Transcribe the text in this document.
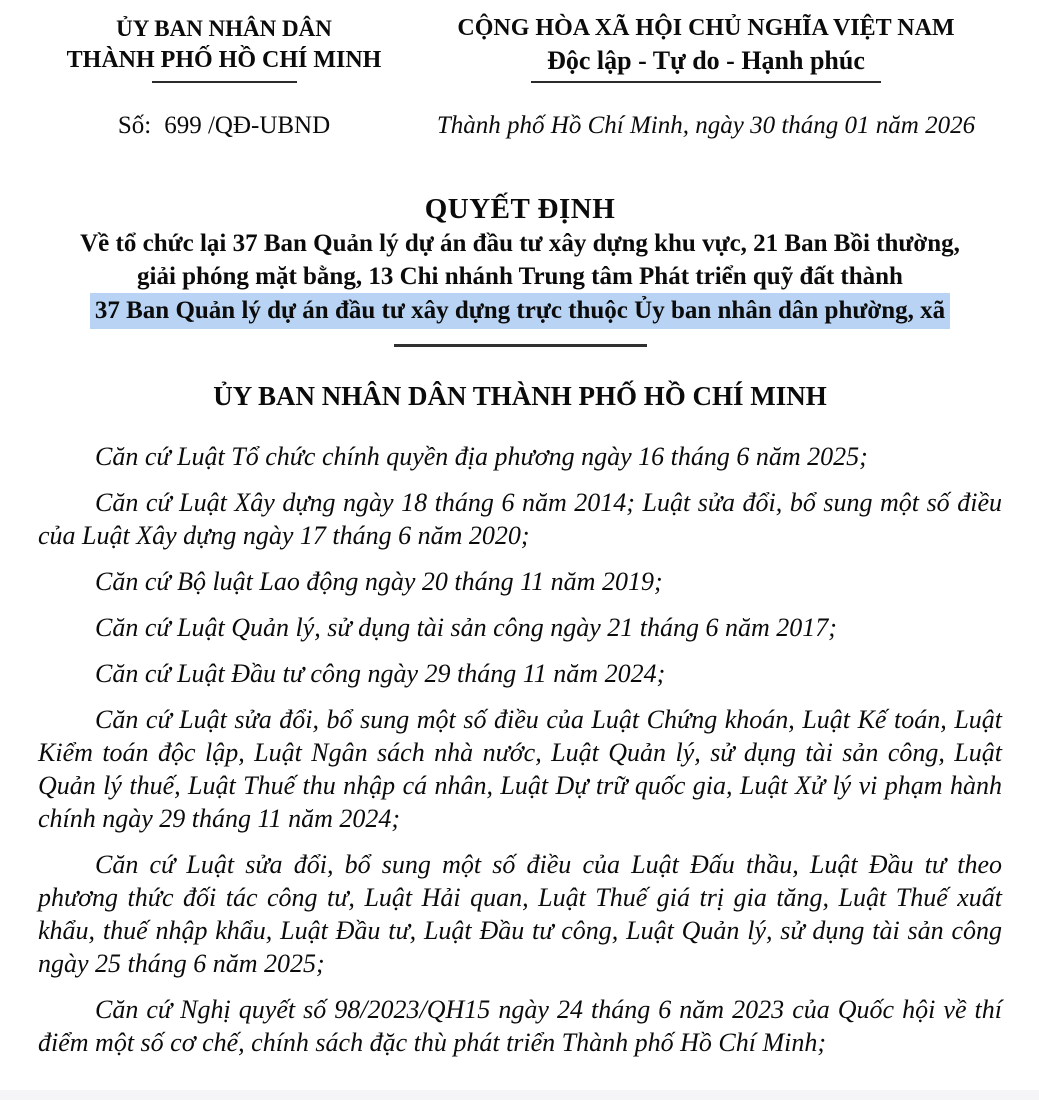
ỦY BAN NHÂN DÂN
THÀNH PHỐ HỒ CHÍ MINH
CỘNG HÒA XÃ HỘI CHỦ NGHĨA VIỆT NAM
Độc lập - Tự do - Hạnh phúc
Số: 699 /QĐ-UBND	Thành phố Hồ Chí Minh, ngày 30 tháng 01 năm 2026
QUYẾT ĐỊNH
Về tổ chức lại 37 Ban Quản lý dự án đầu tư xây dựng khu vực, 21 Ban Bồi thường,
giải phóng mặt bằng, 13 Chi nhánh Trung tâm Phát triển quỹ đất thành
37 Ban Quản lý dự án đầu tư xây dựng trực thuộc Ủy ban nhân dân phường, xã
ỦY BAN NHÂN DÂN THÀNH PHỐ HỒ CHÍ MINH

Căn cứ Luật Tổ chức chính quyền địa phương ngày 16 tháng 6 năm 2025;

Căn cứ Luật Xây dựng ngày 18 tháng 6 năm 2014; Luật sửa đổi, bổ sung một số điều của Luật Xây dựng ngày 17 tháng 6 năm 2020;

Căn cứ Bộ luật Lao động ngày 20 tháng 11 năm 2019;

Căn cứ Luật Quản lý, sử dụng tài sản công ngày 21 tháng 6 năm 2017;

Căn cứ Luật Đầu tư công ngày 29 tháng 11 năm 2024;

Căn cứ Luật sửa đổi, bổ sung một số điều của Luật Chứng khoán, Luật Kế toán, Luật Kiểm toán độc lập, Luật Ngân sách nhà nước, Luật Quản lý, sử dụng tài sản công, Luật Quản lý thuế, Luật Thuế thu nhập cá nhân, Luật Dự trữ quốc gia, Luật Xử lý vi phạm hành chính ngày 29 tháng 11 năm 2024;

Căn cứ Luật sửa đổi, bổ sung một số điều của Luật Đấu thầu, Luật Đầu tư theo phương thức đối tác công tư, Luật Hải quan, Luật Thuế giá trị gia tăng, Luật Thuế xuất khẩu, thuế nhập khẩu, Luật Đầu tư, Luật Đầu tư công, Luật Quản lý, sử dụng tài sản công ngày 25 tháng 6 năm 2025;

Căn cứ Nghị quyết số 98/2023/QH15 ngày 24 tháng 6 năm 2023 của Quốc hội về thí điểm một số cơ chế, chính sách đặc thù phát triển Thành phố Hồ Chí Minh;
